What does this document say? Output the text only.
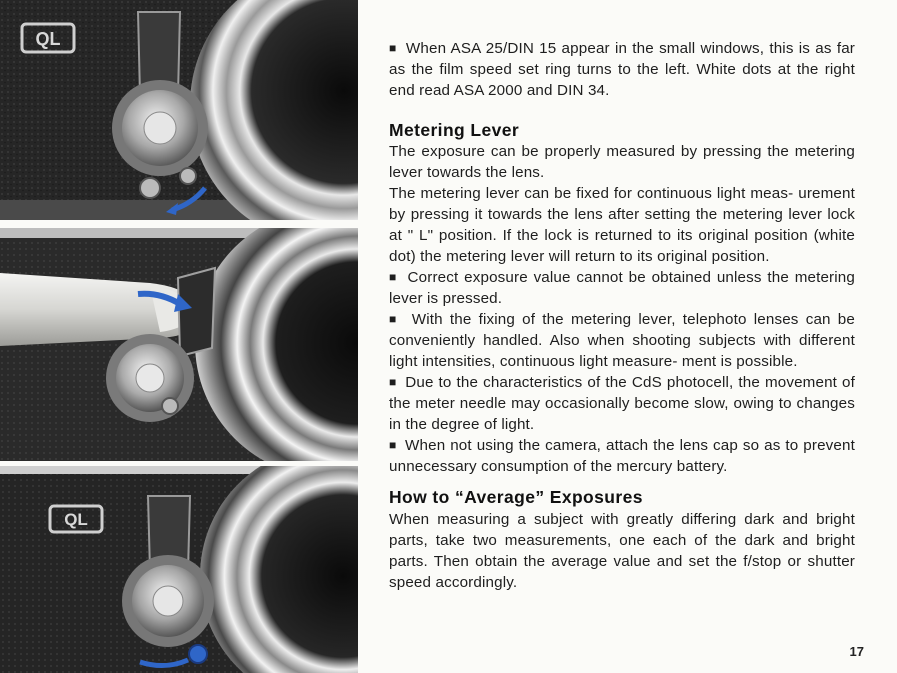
QL
QL

■  When ASA 25/DIN 15 appear in the small windows, this is as far as the film speed set ring turns to the left. White dots at the right end read ASA 2000 and DIN 34.

Metering Lever

The exposure can be properly measured by pressing the metering lever towards the lens.

The metering lever can be fixed for continuous light meas- urement by pressing it towards the lens after setting the metering lever lock at " L" position. If the lock is returned to its original position (white dot) the metering lever will return to its original position.

■  Correct exposure value cannot be obtained unless the metering lever is pressed.

■  With the fixing of the metering lever, telephoto lenses can be conveniently handled. Also when shooting subjects with different light intensities, continuous light measure- ment is possible.

■  Due to the characteristics of the CdS photocell, the movement of the meter needle may occasionally become slow, owing to changes in the degree of light.

■  When not using the camera, attach the lens cap so as to prevent unnecessary consumption of the mercury battery.

How to “Average” Exposures

When measuring a subject with greatly differing dark and bright parts, take two measurements, one each of the dark and bright parts. Then obtain the average value and set the f/stop or shutter speed accordingly.

17
